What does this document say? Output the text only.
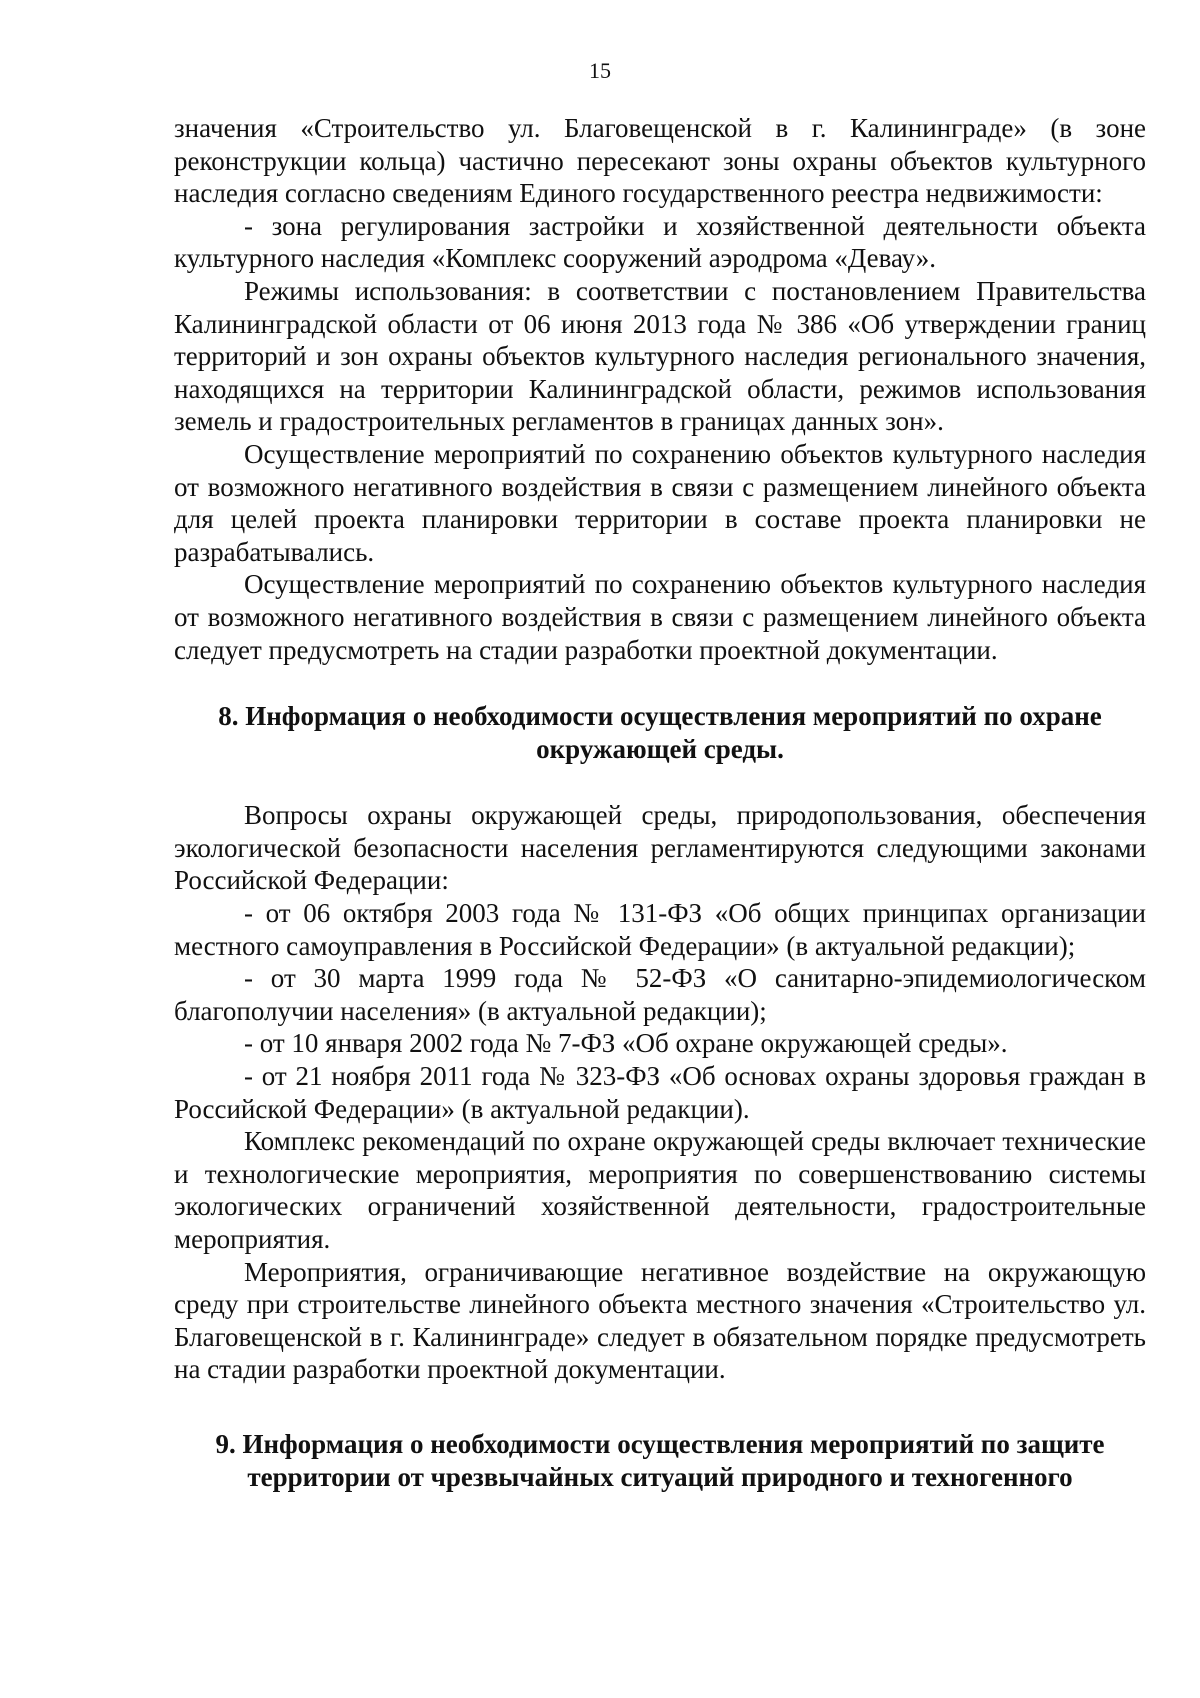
15

значения «Строительство ул. Благовещенской в г. Калининграде» (в зоне реконструкции кольца) частично пересекают зоны охраны объектов культурного наследия согласно сведениям Единого государственного реестра недвижимости:

- зона регулирования застройки и хозяйственной деятельности объекта культурного наследия «Комплекс сооружений аэродрома «Девау».

Режимы использования: в соответствии с постановлением Правительства Калининградской области от 06 июня 2013 года № 386 «Об утверждении границ территорий и зон охраны объектов культурного наследия регионального значения, находящихся на территории Калининградской области, режимов использования земель и градостроительных регламентов в границах данных зон».

Осуществление мероприятий по сохранению объектов культурного наследия от возможного негативного воздействия в связи с размещением линейного объекта для целей проекта планировки территории в составе проекта планировки не разрабатывались.

Осуществление мероприятий по сохранению объектов культурного наследия от возможного негативного воздействия в связи с размещением линейного объекта следует предусмотреть на стадии разработки проектной документации.

8. Информация о необходимости осуществления мероприятий по охране
окружающей среды.

Вопросы охраны окружающей среды, природопользования, обеспечения экологической безопасности населения регламентируются следующими законами Российской Федерации:

- от 06 октября 2003 года № 131-ФЗ «Об общих принципах организации местного самоуправления в Российской Федерации» (в актуальной редакции);

- от 30 марта 1999 года № 52-ФЗ «О санитарно-эпидемиологическом благополучии населения» (в актуальной редакции);

- от 10 января 2002 года № 7-ФЗ «Об охране окружающей среды».

- от 21 ноября 2011 года № 323-ФЗ «Об основах охраны здоровья граждан в Российской Федерации» (в актуальной редакции).

Комплекс рекомендаций по охране окружающей среды включает технические и технологические мероприятия, мероприятия по совершенствованию системы экологических ограничений хозяйственной деятельности, градостроительные мероприятия.

Мероприятия, ограничивающие негативное воздействие на окружающую среду при строительстве линейного объекта местного значения «Строительство ул. Благовещенской в г. Калининграде» следует в обязательном порядке предусмотреть на стадии разработки проектной документации.

9. Информация о необходимости осуществления мероприятий по защите
территории от чрезвычайных ситуаций природного и техногенного
